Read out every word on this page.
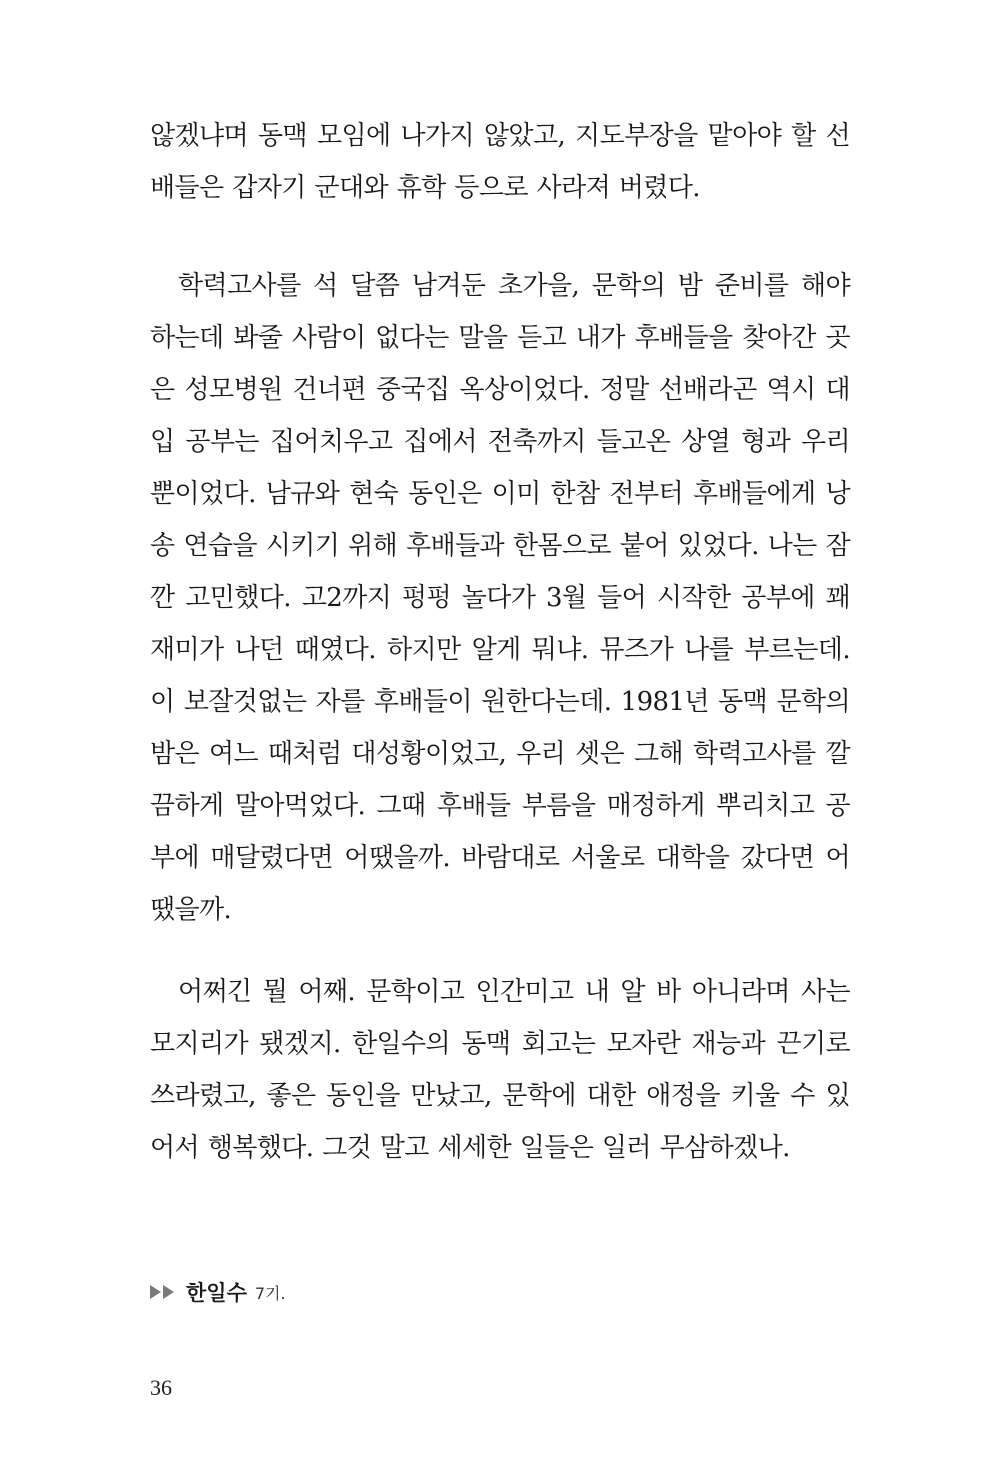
않겠냐며 동맥 모임에 나가지 않았고, 지도부장을 맡아야 할 선배들은 갑자기 군대와 휴학 등으로 사라져 버렸다.

학력고사를 석 달쯤 남겨둔 초가을, 문학의 밤 준비를 해야 하는데 봐줄 사람이 없다는 말을 듣고 내가 후배들을 찾아간 곳은 성모병원 건너편 중국집 옥상이었다. 정말 선배라곤 역시 대입 공부는 집어치우고 집에서 전축까지 들고온 상열 형과 우리뿐이었다. 남규와 현숙 동인은 이미 한참 전부터 후배들에게 낭송 연습을 시키기 위해 후배들과 한몸으로 붙어 있었다. 나는 잠깐 고민했다. 고2까지 펑펑 놀다가 3월 들어 시작한 공부에 꽤 재미가 나던 때였다. 하지만 알게 뭐냐. 뮤즈가 나를 부르는데. 이 보잘것없는 자를 후배들이 원한다는데. 1981년 동맥 문학의 밤은 여느 때처럼 대성황이었고, 우리 셋은 그해 학력고사를 깔끔하게 말아먹었다. 그때 후배들 부름을 매정하게 뿌리치고 공부에 매달렸다면 어땠을까. 바람대로 서울로 대학을 갔다면 어땠을까.

어쩌긴 뭘 어째. 문학이고 인간미고 내 알 바 아니라며 사는 모지리가 됐겠지. 한일수의 동맥 회고는 모자란 재능과 끈기로 쓰라렸고, 좋은 동인을 만났고, 문학에 대한 애정을 키울 수 있어서 행복했다. 그것 말고 세세한 일들은 일러 무삼하겠나.

한일수 7기.
36
